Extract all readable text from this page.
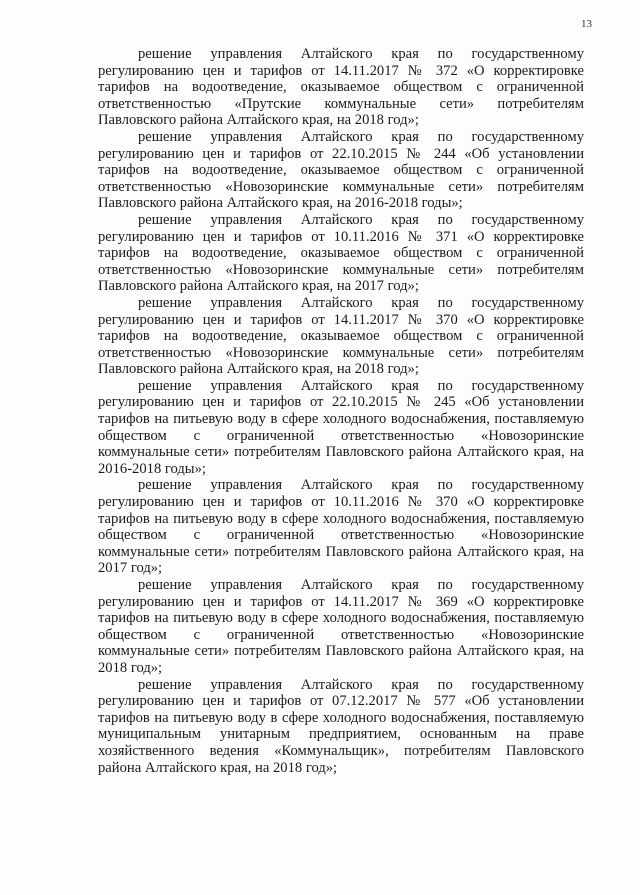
13

решение управления Алтайского края по государственному регулированию цен и тарифов от 14.11.2017 № 372 «О корректировке тарифов на водоотведение, оказываемое обществом с ограниченной ответственностью «Прутские коммунальные сети» потребителям Павловского района Алтайского края, на 2018 год»;

решение управления Алтайского края по государственному регулированию цен и тарифов от 22.10.2015 № 244 «Об установлении тарифов на водоотведение, оказываемое обществом с ограниченной ответственностью «Новозоринские коммунальные сети» потребителям Павловского района Алтайского края, на 2016-2018 годы»;

решение управления Алтайского края по государственному регулированию цен и тарифов от 10.11.2016 № 371 «О корректировке тарифов на водоотведение, оказываемое обществом с ограниченной ответственностью «Новозоринские коммунальные сети» потребителям Павловского района Алтайского края, на 2017 год»;

решение управления Алтайского края по государственному регулированию цен и тарифов от 14.11.2017 № 370 «О корректировке тарифов на водоотведение, оказываемое обществом с ограниченной ответственностью «Новозоринские коммунальные сети» потребителям Павловского района Алтайского края, на 2018 год»;

решение управления Алтайского края по государственному регулированию цен и тарифов от 22.10.2015 № 245 «Об установлении тарифов на питьевую воду в сфере холодного водоснабжения, поставляемую обществом с ограниченной ответственностью «Новозоринские коммунальные сети» потребителям Павловского района Алтайского края, на 2016-2018 годы»;

решение управления Алтайского края по государственному регулированию цен и тарифов от 10.11.2016 № 370 «О корректировке тарифов на питьевую воду в сфере холодного водоснабжения, поставляемую обществом с ограниченной ответственностью «Новозоринские коммунальные сети» потребителям Павловского района Алтайского края, на 2017 год»;

решение управления Алтайского края по государственному регулированию цен и тарифов от 14.11.2017 № 369 «О корректировке тарифов на питьевую воду в сфере холодного водоснабжения, поставляемую обществом с ограниченной ответственностью «Новозоринские коммунальные сети» потребителям Павловского района Алтайского края, на 2018 год»;

решение управления Алтайского края по государственному регулированию цен и тарифов от 07.12.2017 № 577 «Об установлении тарифов на питьевую воду в сфере холодного водоснабжения, поставляемую муниципальным унитарным предприятием, основанным на праве хозяйственного ведения «Коммунальщик», потребителям Павловского района Алтайского края, на 2018 год»;
